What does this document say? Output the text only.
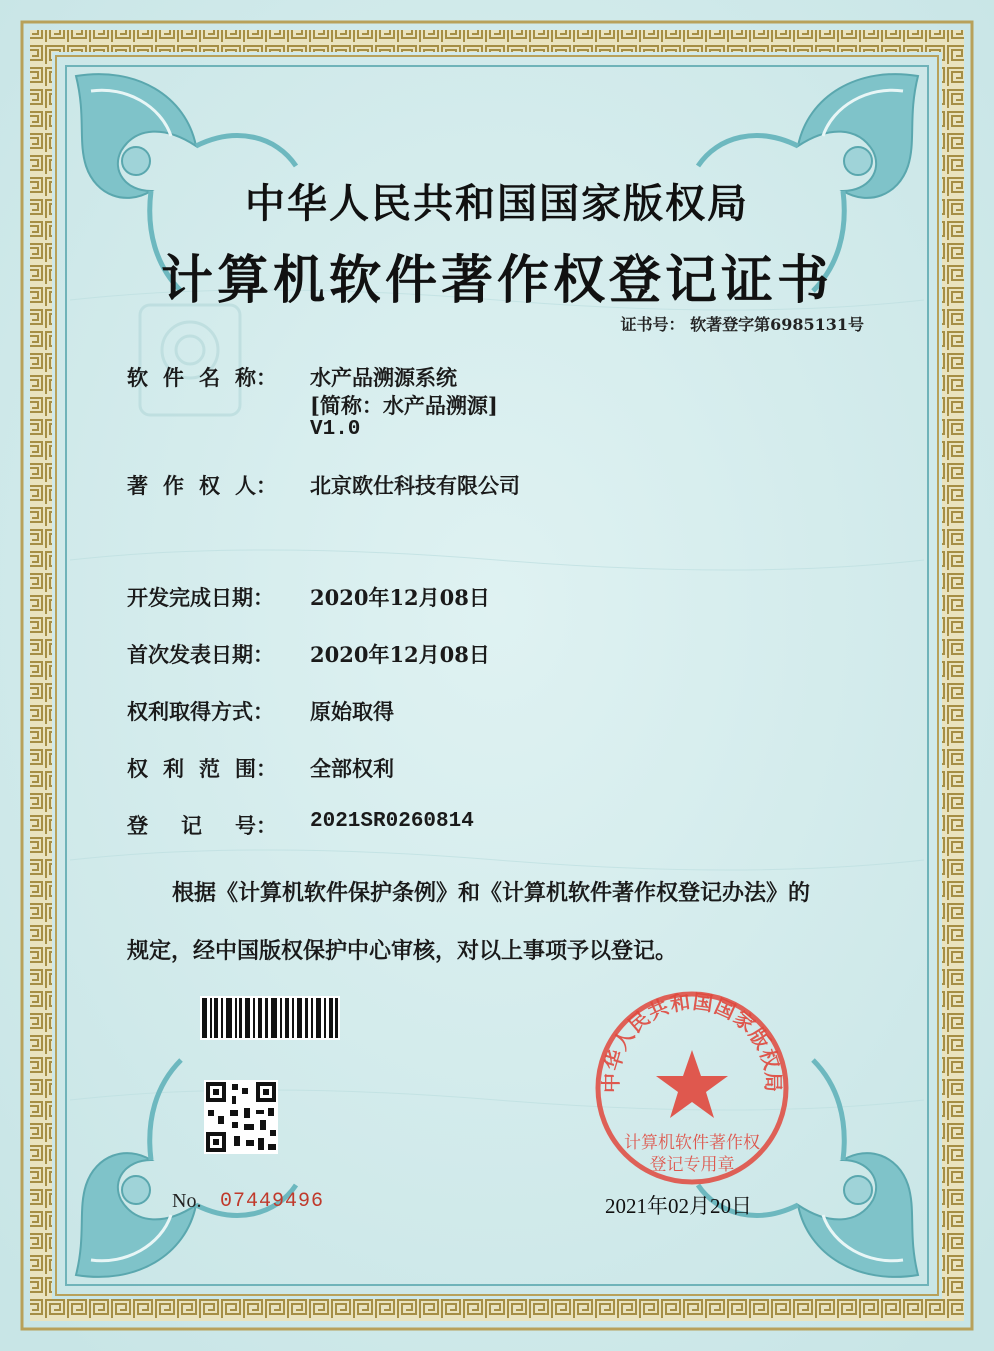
中华人民共和国国家版权局
计算机软件著作权登记证书
证书号： 软著登字第6985131号
软 件 名 称： 水产品溯源系统
[简称：水产品溯源]
V1.0
著 作 权 人： 北京欧仕科技有限公司
开发完成日期： 2020年12月08日
首次发表日期： 2020年12月08日
权利取得方式： 原始取得
权 利 范 围： 全部权利
登 记 号： 2021SR0260814
根据《计算机软件保护条例》和《计算机软件著作权登记办法》的
规定，经中国版权保护中心审核，对以上事项予以登记。
中华人民共和国国家版权局
计算机软件著作权
登记专用章
No. 07449496	2021年02月20日
